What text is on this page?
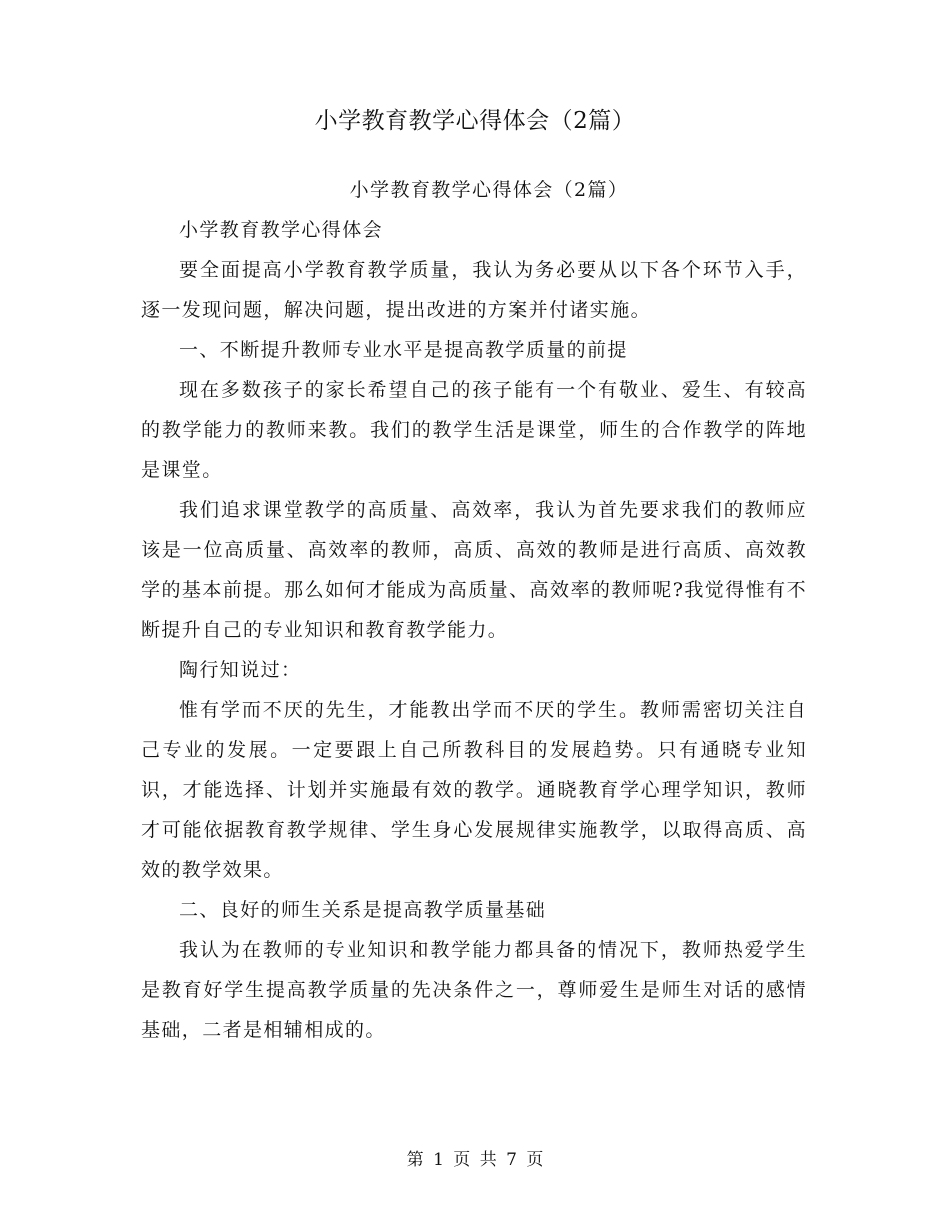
小学教育教学心得体会（2篇）

小学教育教学心得体会（2篇）

小学教育教学心得体会

要全面提高小学教育教学质量，我认为务必要从以下各个环节入手，逐一发现问题，解决问题，提出改进的方案并付诸实施。

一、不断提升教师专业水平是提高教学质量的前提

现在多数孩子的家长希望自己的孩子能有一个有敬业、爱生、有较高的教学能力的教师来教。我们的教学生活是课堂，师生的合作教学的阵地是课堂。

我们追求课堂教学的高质量、高效率，我认为首先要求我们的教师应该是一位高质量、高效率的教师，高质、高效的教师是进行高质、高效教学的基本前提。那么如何才能成为高质量、高效率的教师呢?我觉得惟有不断提升自己的专业知识和教育教学能力。

陶行知说过：

惟有学而不厌的先生，才能教出学而不厌的学生。教师需密切关注自己专业的发展。一定要跟上自己所教科目的发展趋势。只有通晓专业知识，才能选择、计划并实施最有效的教学。通晓教育学心理学知识，教师才可能依据教育教学规律、学生身心发展规律实施教学，以取得高质、高效的教学效果。

二、良好的师生关系是提高教学质量基础

我认为在教师的专业知识和教学能力都具备的情况下，教师热爱学生是教育好学生提高教学质量的先决条件之一，尊师爱生是师生对话的感情基础，二者是相辅相成的。

第 1 页 共 7 页
